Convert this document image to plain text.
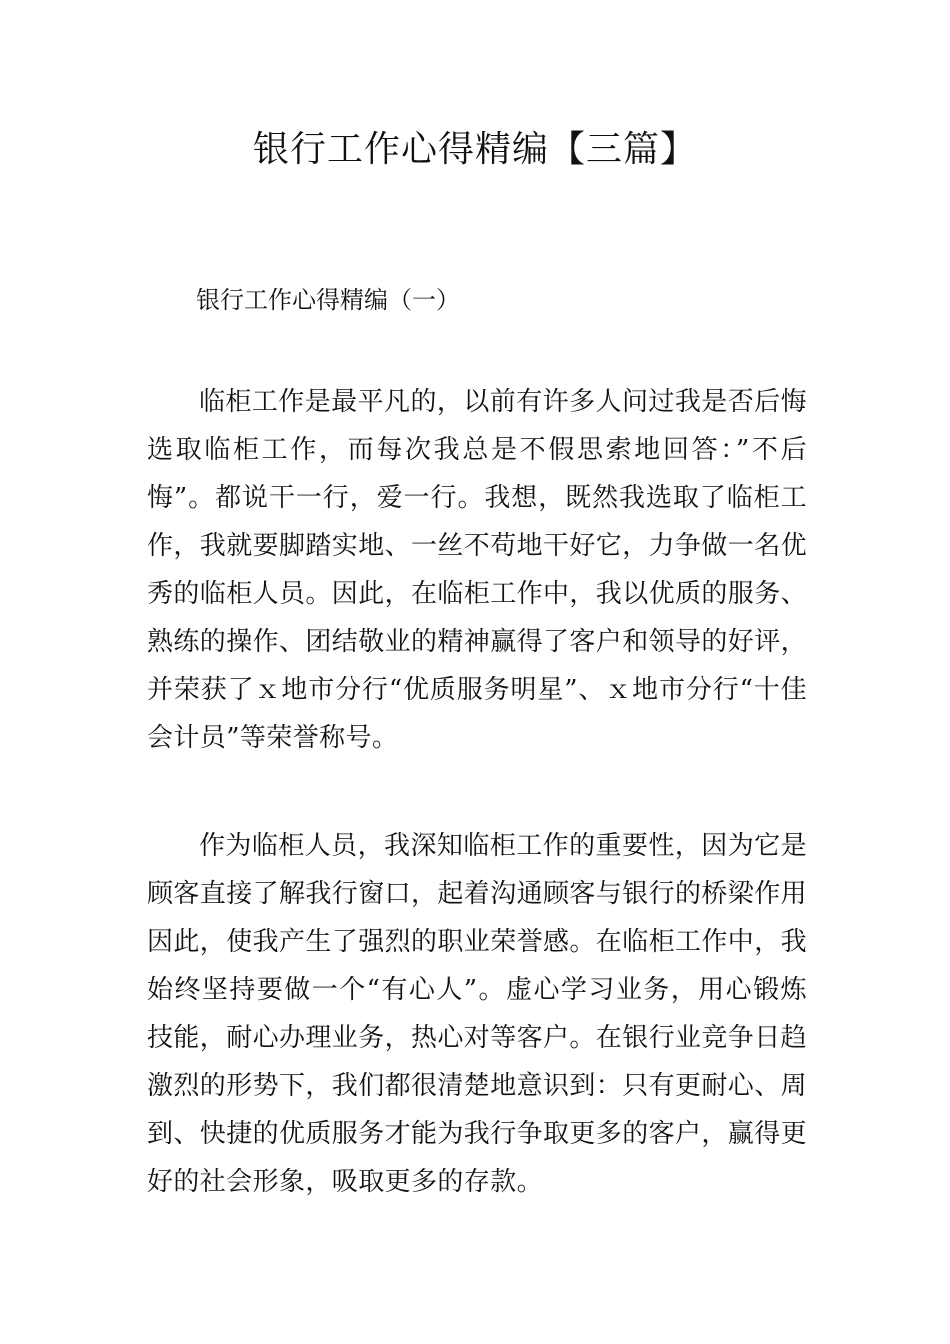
银行工作心得精编【三篇】

银行工作心得精编（一）

临柜工作是最平凡的，以前有许多人问过我是否后悔选取临柜工作，而每次我总是不假思索地回答：”不后悔”。都说干一行，爱一行。我想，既然我选取了临柜工作，我就要脚踏实地、一丝不苟地干好它，力争做一名优秀的临柜人员。因此，在临柜工作中，我以优质的服务、熟练的操作、团结敬业的精神赢得了客户和领导的好评，并荣获了ｘ地市分行“优质服务明星”、ｘ地市分行“十佳会计员”等荣誉称号。

作为临柜人员，我深知临柜工作的重要性，因为它是顾客直接了解我行窗口，起着沟通顾客与银行的桥梁作用因此，使我产生了强烈的职业荣誉感。在临柜工作中，我始终坚持要做一个“有心人”。虚心学习业务，用心锻炼技能，耐心办理业务，热心对等客户。在银行业竞争日趋激烈的形势下，我们都很清楚地意识到：只有更耐心、周到、快捷的优质服务才能为我行争取更多的客户，赢得更好的社会形象，吸取更多的存款。
